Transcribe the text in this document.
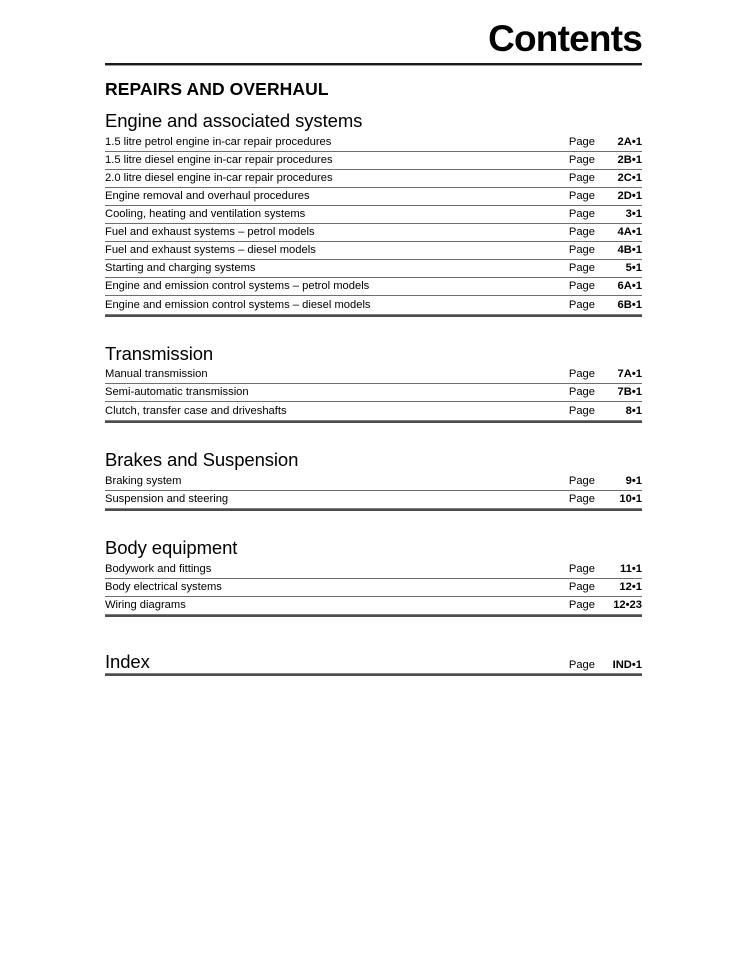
Contents
REPAIRS AND OVERHAUL
Engine and associated systems
1.5 litre petrol engine in-car repair procedures	Page	2A•1
1.5 litre diesel engine in-car repair procedures	Page	2B•1
2.0 litre diesel engine in-car repair procedures	Page	2C•1
Engine removal and overhaul procedures	Page	2D•1
Cooling, heating and ventilation systems	Page	3•1
Fuel and exhaust systems – petrol models	Page	4A•1
Fuel and exhaust systems – diesel models	Page	4B•1
Starting and charging systems	Page	5•1
Engine and emission control systems – petrol models	Page	6A•1
Engine and emission control systems – diesel models	Page	6B•1
Transmission
Manual transmission	Page	7A•1
Semi-automatic transmission	Page	7B•1
Clutch, transfer case and driveshafts	Page	8•1
Brakes and Suspension
Braking system	Page	9•1
Suspension and steering	Page	10•1
Body equipment
Bodywork and fittings	Page	11•1
Body electrical systems	Page	12•1
Wiring diagrams	Page	12•23
Index	Page	IND•1
